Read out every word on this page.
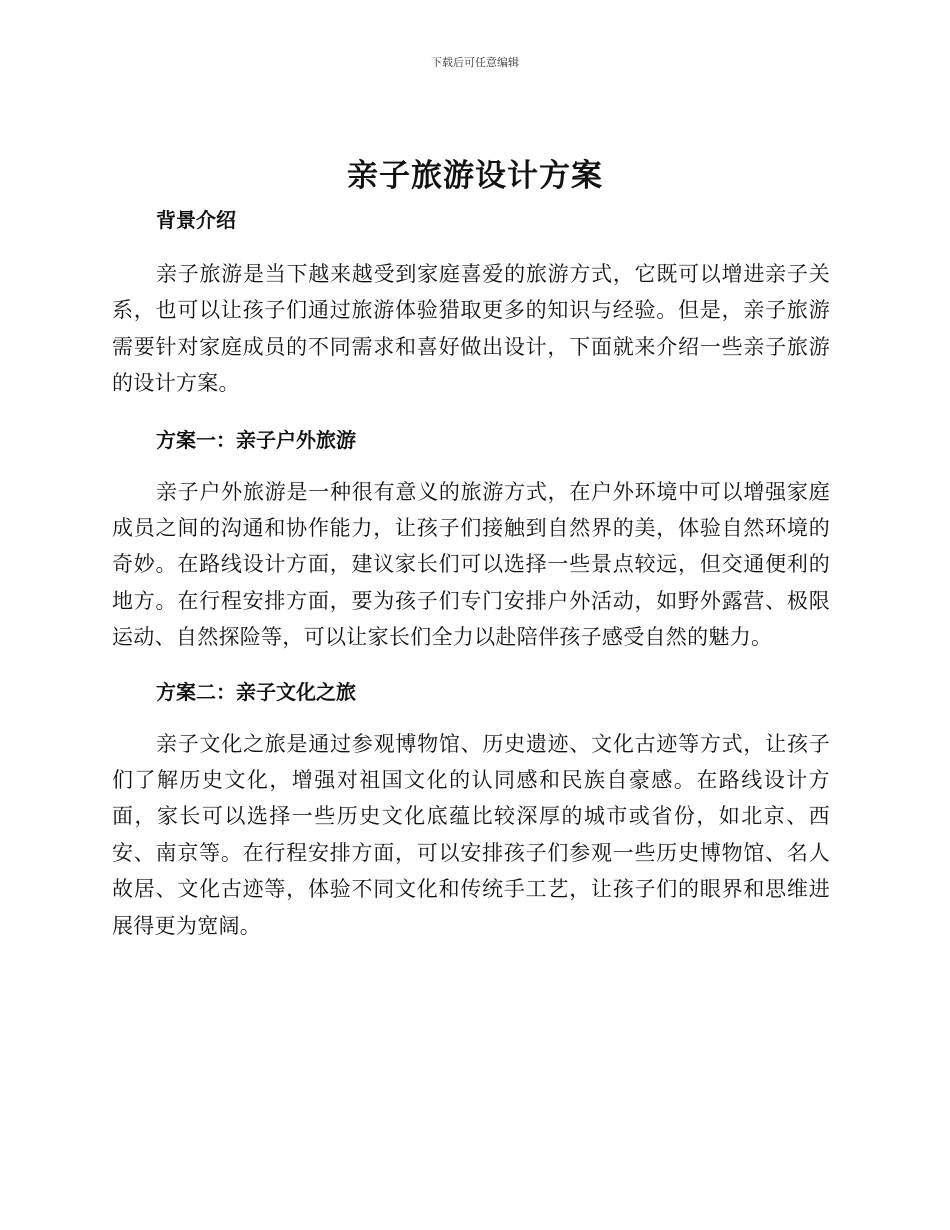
下载后可任意编辑
亲子旅游设计方案
背景介绍

亲子旅游是当下越来越受到家庭喜爱的旅游方式，它既可以增进亲子关系，也可以让孩子们通过旅游体验猎取更多的知识与经验。但是，亲子旅游需要针对家庭成员的不同需求和喜好做出设计，下面就来介绍一些亲子旅游的设计方案。

方案一：亲子户外旅游

亲子户外旅游是一种很有意义的旅游方式，在户外环境中可以增强家庭成员之间的沟通和协作能力，让孩子们接触到自然界的美，体验自然环境的奇妙。在路线设计方面，建议家长们可以选择一些景点较远，但交通便利的地方。在行程安排方面，要为孩子们专门安排户外活动，如野外露营、极限运动、自然探险等，可以让家长们全力以赴陪伴孩子感受自然的魅力。

方案二：亲子文化之旅

亲子文化之旅是通过参观博物馆、历史遗迹、文化古迹等方式，让孩子们了解历史文化，增强对祖国文化的认同感和民族自豪感。在路线设计方面，家长可以选择一些历史文化底蕴比较深厚的城市或省份，如北京、西安、南京等。在行程安排方面，可以安排孩子们参观一些历史博物馆、名人故居、文化古迹等，体验不同文化和传统手工艺，让孩子们的眼界和思维进展得更为宽阔。
